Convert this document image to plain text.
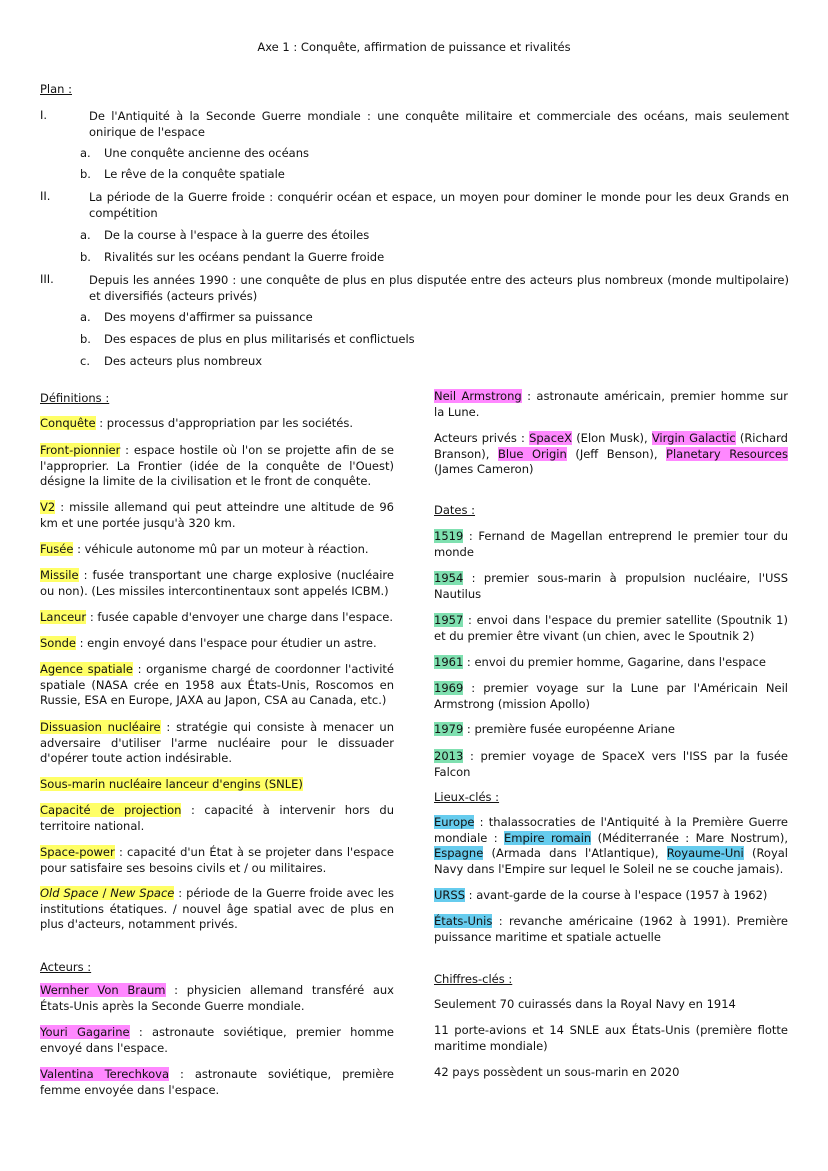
Axe 1 : Conquête, affirmation de puissance et rivalités
Plan :
I.	De l'Antiquité à la Seconde Guerre mondiale : une conquête militaire et commerciale des océans, mais seulement onirique de l'espace
a. Une conquête ancienne des océans
b. Le rêve de la conquête spatiale
II.	La période de la Guerre froide : conquérir océan et espace, un moyen pour dominer le monde pour les deux Grands en compétition
a. De la course à l'espace à la guerre des étoiles
b. Rivalités sur les océans pendant la Guerre froide
III.	Depuis les années 1990 : une conquête de plus en plus disputée entre des acteurs plus nombreux (monde multipolaire) et diversifiés (acteurs privés)
a. Des moyens d'affirmer sa puissance
b. Des espaces de plus en plus militarisés et conflictuels
c. Des acteurs plus nombreux
Définitions :
Conquête : processus d'appropriation par les sociétés.
Front-pionnier : espace hostile où l'on se projette afin de se l'approprier. La Frontier (idée de la conquête de l'Ouest) désigne la limite de la civilisation et le front de conquête.
V2 : missile allemand qui peut atteindre une altitude de 96 km et une portée jusqu'à 320 km.
Fusée : véhicule autonome mû par un moteur à réaction.
Missile : fusée transportant une charge explosive (nucléaire ou non). (Les missiles intercontinentaux sont appelés ICBM.)
Lanceur : fusée capable d'envoyer une charge dans l'espace.
Sonde : engin envoyé dans l'espace pour étudier un astre.
Agence spatiale : organisme chargé de coordonner l'activité spatiale (NASA crée en 1958 aux États-Unis, Roscomos en Russie, ESA en Europe, JAXA au Japon, CSA au Canada, etc.)
Dissuasion nucléaire : stratégie qui consiste à menacer un adversaire d'utiliser l'arme nucléaire pour le dissuader d'opérer toute action indésirable.
Sous-marin nucléaire lanceur d'engins (SNLE)
Capacité de projection : capacité à intervenir hors du territoire national.
Space-power : capacité d'un État à se projeter dans l'espace pour satisfaire ses besoins civils et / ou militaires.
Old Space / New Space : période de la Guerre froide avec les institutions étatiques. / nouvel âge spatial avec de plus en plus d'acteurs, notamment privés.
Acteurs :
Wernher Von Braum : physicien allemand transféré aux États-Unis après la Seconde Guerre mondiale.
Youri Gagarine : astronaute soviétique, premier homme envoyé dans l'espace.
Valentina Terechkova : astronaute soviétique, première femme envoyée dans l'espace.
Neil Armstrong : astronaute américain, premier homme sur la Lune.
Acteurs privés : SpaceX (Elon Musk), Virgin Galactic (Richard Branson), Blue Origin (Jeff Benson), Planetary Resources (James Cameron)
Dates :
1519 : Fernand de Magellan entreprend le premier tour du monde
1954 : premier sous-marin à propulsion nucléaire, l'USS Nautilus
1957 : envoi dans l'espace du premier satellite (Spoutnik 1) et du premier être vivant (un chien, avec le Spoutnik 2)
1961 : envoi du premier homme, Gagarine, dans l'espace
1969 : premier voyage sur la Lune par l'Américain Neil Armstrong (mission Apollo)
1979 : première fusée européenne Ariane
2013 : premier voyage de SpaceX vers l'ISS par la fusée Falcon
Lieux-clés :
Europe : thalassocraties de l'Antiquité à la Première Guerre mondiale : Empire romain (Méditerranée : Mare Nostrum), Espagne (Armada dans l'Atlantique), Royaume-Uni (Royal Navy dans l'Empire sur lequel le Soleil ne se couche jamais).
URSS : avant-garde de la course à l'espace (1957 à 1962)
États-Unis : revanche américaine (1962 à 1991). Première puissance maritime et spatiale actuelle
Chiffres-clés :
Seulement 70 cuirassés dans la Royal Navy en 1914
11 porte-avions et 14 SNLE aux États-Unis (première flotte maritime mondiale)
42 pays possèdent un sous-marin en 2020
